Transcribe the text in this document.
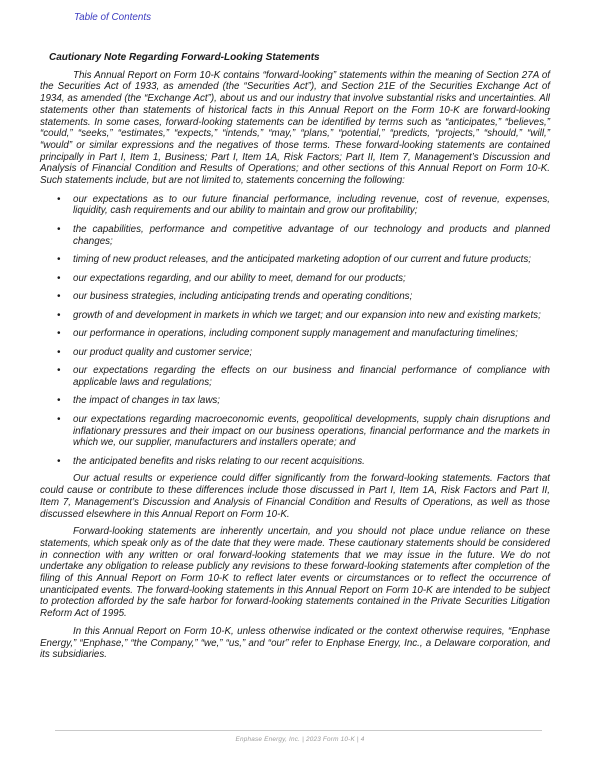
Table of Contents
Cautionary Note Regarding Forward-Looking Statements

This Annual Report on Form 10-K contains “forward-looking” statements within the meaning of Section 27A of the Securities Act of 1933, as amended (the “Securities Act”), and Section 21E of the Securities Exchange Act of 1934, as amended (the “Exchange Act”), about us and our industry that involve substantial risks and uncertainties. All statements other than statements of historical facts in this Annual Report on the Form 10-K are forward-looking statements. In some cases, forward-looking statements can be identified by terms such as “anticipates,” “believes,” “could,” “seeks,” “estimates,” “expects,” “intends,” “may,” “plans,” “potential,” “predicts, “projects,” “should,” “will,” “would” or similar expressions and the negatives of those terms. These forward-looking statements are contained principally in Part I, Item 1, Business; Part I, Item 1A, Risk Factors; Part II, Item 7, Management’s Discussion and Analysis of Financial Condition and Results of Operations; and other sections of this Annual Report on Form 10-K. Such statements include, but are not limited to, statements concerning the following:

• our expectations as to our future financial performance, including revenue, cost of revenue, expenses, liquidity, cash requirements and our ability to maintain and grow our profitability;
• the capabilities, performance and competitive advantage of our technology and products and planned changes;
• timing of new product releases, and the anticipated marketing adoption of our current and future products;
• our expectations regarding, and our ability to meet, demand for our products;
• our business strategies, including anticipating trends and operating conditions;
• growth of and development in markets in which we target; and our expansion into new and existing markets;
• our performance in operations, including component supply management and manufacturing timelines;
• our product quality and customer service;
• our expectations regarding the effects on our business and financial performance of compliance with applicable laws and regulations;
• the impact of changes in tax laws;
• our expectations regarding macroeconomic events, geopolitical developments, supply chain disruptions and inflationary pressures and their impact on our business operations, financial performance and the markets in which we, our supplier, manufacturers and installers operate; and
• the anticipated benefits and risks relating to our recent acquisitions.

Our actual results or experience could differ significantly from the forward-looking statements. Factors that could cause or contribute to these differences include those discussed in Part I, Item 1A, Risk Factors and Part II, Item 7, Management’s Discussion and Analysis of Financial Condition and Results of Operations, as well as those discussed elsewhere in this Annual Report on Form 10-K.

Forward-looking statements are inherently uncertain, and you should not place undue reliance on these statements, which speak only as of the date that they were made. These cautionary statements should be considered in connection with any written or oral forward-looking statements that we may issue in the future. We do not undertake any obligation to release publicly any revisions to these forward-looking statements after completion of the filing of this Annual Report on Form 10-K to reflect later events or circumstances or to reflect the occurrence of unanticipated events. The forward-looking statements in this Annual Report on Form 10-K are intended to be subject to protection afforded by the safe harbor for forward-looking statements contained in the Private Securities Litigation Reform Act of 1995.

In this Annual Report on Form 10-K, unless otherwise indicated or the context otherwise requires, “Enphase Energy,” “Enphase,” “the Company,” “we,” “us,” and “our” refer to Enphase Energy, Inc., a Delaware corporation, and its subsidiaries.

Enphase Energy, Inc. | 2023 Form 10-K | 4
